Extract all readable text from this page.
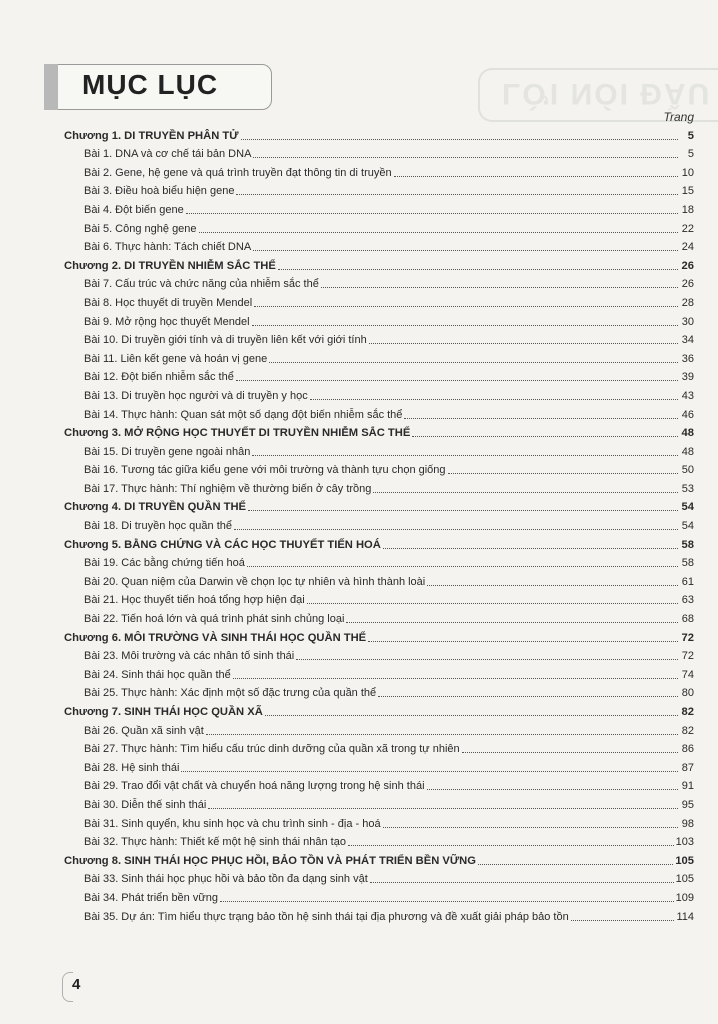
LỜI NÓI ĐẦU
MỤC LỤC
Trang
Chương 1. DI TRUYỀN PHÂN TỬ	5
Bài 1. DNA và cơ chế tái bản DNA	5
Bài 2. Gene, hệ gene và quá trình truyền đạt thông tin di truyền	10
Bài 3. Điều hoà biểu hiện gene	15
Bài 4. Đột biến gene	18
Bài 5. Công nghệ gene	22
Bài 6. Thực hành: Tách chiết DNA	24
Chương 2. DI TRUYỀN NHIỄM SẮC THỂ	26
Bài 7. Cấu trúc và chức năng của nhiễm sắc thể	26
Bài 8. Học thuyết di truyền Mendel	28
Bài 9. Mở rộng học thuyết Mendel	30
Bài 10. Di truyền giới tính và di truyền liên kết với giới tính	34
Bài 11. Liên kết gene và hoán vị gene	36
Bài 12. Đột biến nhiễm sắc thể	39
Bài 13. Di truyền học người và di truyền y học	43
Bài 14. Thực hành: Quan sát một số dạng đột biến nhiễm sắc thể	46
Chương 3. MỞ RỘNG HỌC THUYẾT DI TRUYỀN NHIỄM SẮC THỂ	48
Bài 15. Di truyền gene ngoài nhân	48
Bài 16. Tương tác giữa kiểu gene với môi trường và thành tựu chọn giống	50
Bài 17. Thực hành: Thí nghiệm về thường biến ở cây trồng	53
Chương 4. DI TRUYỀN QUẦN THỂ	54
Bài 18. Di truyền học quần thể	54
Chương 5. BẰNG CHỨNG VÀ CÁC HỌC THUYẾT TIẾN HOÁ	58
Bài 19. Các bằng chứng tiến hoá	58
Bài 20. Quan niệm của Darwin về chọn lọc tự nhiên và hình thành loài	61
Bài 21. Học thuyết tiến hoá tổng hợp hiện đại	63
Bài 22. Tiến hoá lớn và quá trình phát sinh chủng loại	68
Chương 6. MÔI TRƯỜNG VÀ SINH THÁI HỌC QUẦN THỂ	72
Bài 23. Môi trường và các nhân tố sinh thái	72
Bài 24. Sinh thái học quần thể	74
Bài 25. Thực hành: Xác định một số đặc trưng của quần thể	80
Chương 7. SINH THÁI HỌC QUẦN XÃ	82
Bài 26. Quần xã sinh vật	82
Bài 27. Thực hành: Tìm hiểu cấu trúc dinh dưỡng của quần xã trong tự nhiên	86
Bài 28. Hệ sinh thái	87
Bài 29. Trao đổi vật chất và chuyển hoá năng lượng trong hệ sinh thái	91
Bài 30. Diễn thế sinh thái	95
Bài 31. Sinh quyển, khu sinh học và chu trình sinh - địa - hoá	98
Bài 32. Thực hành: Thiết kế một hệ sinh thái nhân tạo	103
Chương 8. SINH THÁI HỌC PHỤC HỒI, BẢO TỒN VÀ PHÁT TRIỂN BỀN VỮNG	105
Bài 33. Sinh thái học phục hồi và bảo tồn đa dạng sinh vật	105
Bài 34. Phát triển bền vững	109
Bài 35. Dự án: Tìm hiểu thực trạng bảo tồn hệ sinh thái tại địa phương và đề xuất giải pháp bảo tồn	114
4
